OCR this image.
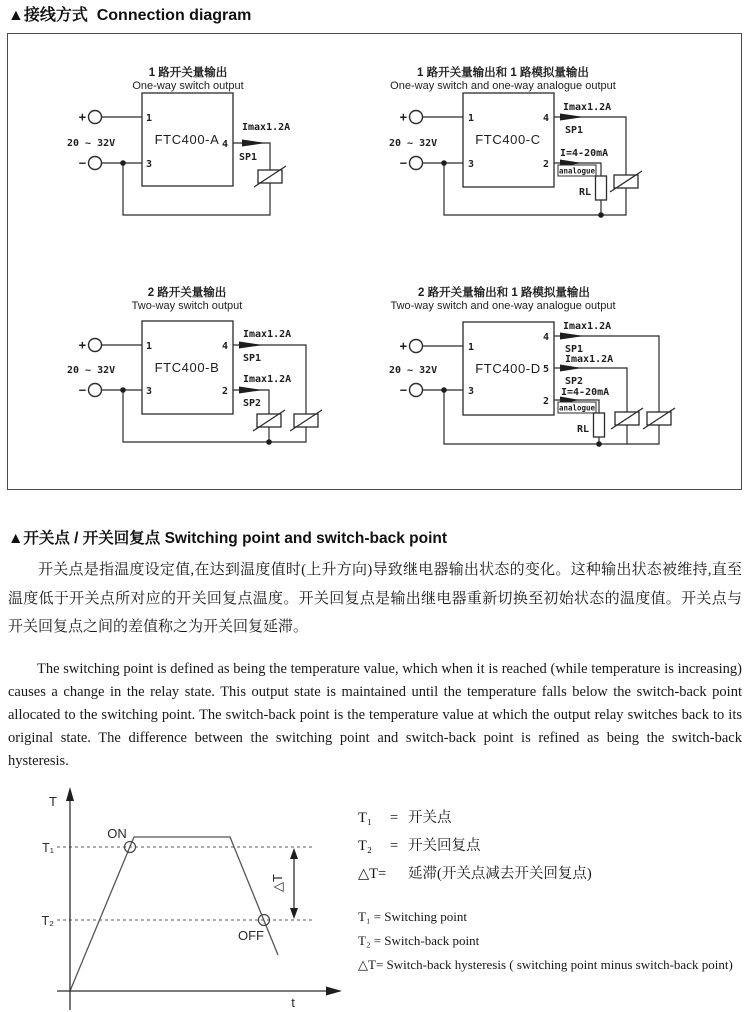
▲接线方式  Connection diagram
1 路开关量输出
One-way switch output
FTC400-A
+
−
20 ~ 32V
1
3
4
Imax1.2A
SP1
1 路开关量输出和 1 路模拟量输出
One-way switch and one-way analogue output
FTC400-C
+
−
20 ~ 32V
1
3
4
2
Imax1.2A
SP1
I=4-20mA
analogue
RL
2 路开关量输出
Two-way switch output
FTC400-B
+
−
20 ~ 32V
1
3
4
2
Imax1.2A
SP1
Imax1.2A
SP2
2 路开关量输出和 1 路模拟量输出
Two-way switch and one-way analogue output
FTC400-D
+
−
20 ~ 32V
1
3
4
5
2
Imax1.2A
SP1
Imax1.2A
SP2
I=4-20mA
analogue
RL
▲开关点 / 开关回复点 Switching point and switch-back point

开关点是指温度设定值,在达到温度值时(上升方向)导致继电器输出状态的变化。这种输出状态被维持,直至温度低于开关点所对应的开关回复点温度。开关回复点是输出继电器重新切换至初始状态的温度值。开关点与开关回复点之间的差值称之为开关回复延滞。

The switching point is defined as being the temperature value, which when it is reached (while temperature is increasing) causes a change in the relay state. This output state is maintained until the temperature falls below the switch-back point allocated to the switching point. The switch-back point is the temperature value at which the output relay switches back to its original state. The difference between the switching point and switch-back point is refined as being the switch-back hysteresis.

T
t
T₁
T₂
ON
OFF
△T
T₁	= 开关点
T₂	= 开关回复点
△T= 延滞(开关点减去开关回复点)
T₁ = Switching point
T₂ = Switch-back point
△T= Switch-back hysteresis ( switching point minus switch-back point)
